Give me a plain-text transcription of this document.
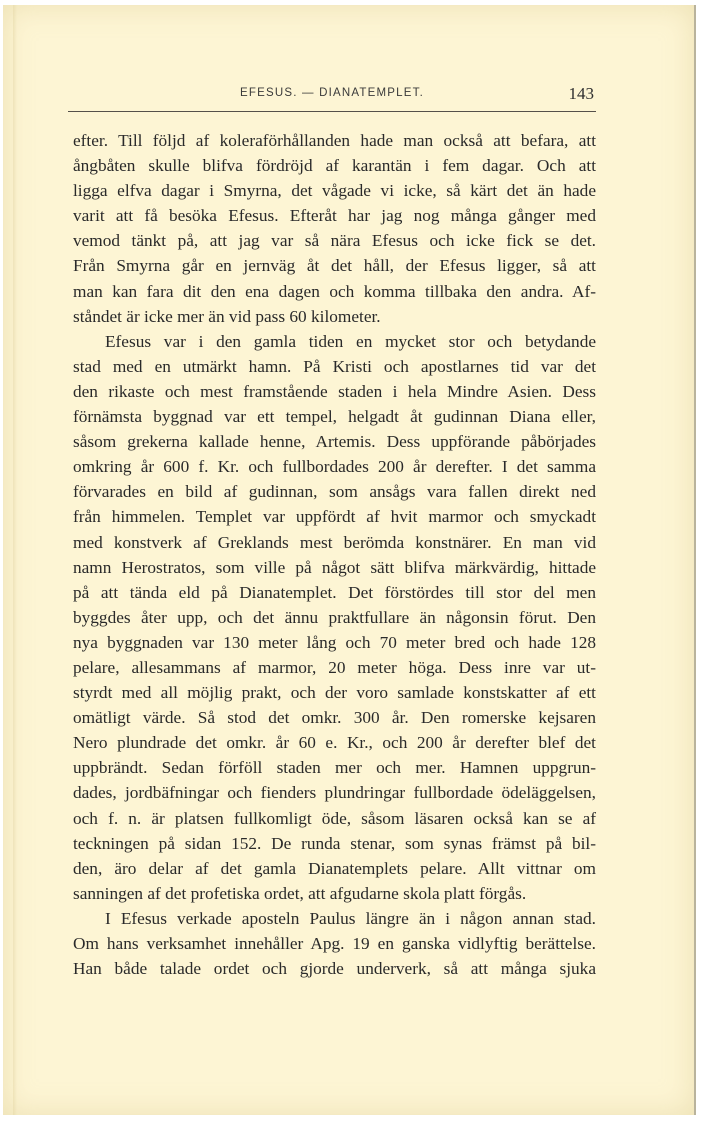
EFESUS. — DIANATEMPLET.	143
efter. Till följd af koleraförhållanden hade man också att befara, att
ångbåten skulle blifva fördröjd af karantän i fem dagar. Och att
ligga elfva dagar i Smyrna, det vågade vi icke, så kärt det än hade
varit att få besöka Efesus. Efteråt har jag nog många gånger med
vemod tänkt på, att jag var så nära Efesus och icke fick se det.
Från Smyrna går en jernväg åt det håll, der Efesus ligger, så att
man kan fara dit den ena dagen och komma tillbaka den andra. Af-
ståndet är icke mer än vid pass 60 kilometer.
Efesus var i den gamla tiden en mycket stor och betydande
stad med en utmärkt hamn. På Kristi och apostlarnes tid var det
den rikaste och mest framstående staden i hela Mindre Asien. Dess
förnämsta byggnad var ett tempel, helgadt åt gudinnan Diana eller,
såsom grekerna kallade henne, Artemis. Dess uppförande påbörjades
omkring år 600 f. Kr. och fullbordades 200 år derefter. I det samma
förvarades en bild af gudinnan, som ansågs vara fallen direkt ned
från himmelen. Templet var uppfördt af hvit marmor och smyckadt
med konstverk af Greklands mest berömda konstnärer. En man vid
namn Herostratos, som ville på något sätt blifva märkvärdig, hittade
på att tända eld på Dianatemplet. Det förstördes till stor del men
byggdes åter upp, och det ännu praktfullare än någonsin förut. Den
nya byggnaden var 130 meter lång och 70 meter bred och hade 128
pelare, allesammans af marmor, 20 meter höga. Dess inre var ut-
styrdt med all möjlig prakt, och der voro samlade konstskatter af ett
omätligt värde. Så stod det omkr. 300 år. Den romerske kejsaren
Nero plundrade det omkr. år 60 e. Kr., och 200 år derefter blef det
uppbrändt. Sedan förföll staden mer och mer. Hamnen uppgrun-
dades, jordbäfningar och fienders plundringar fullbordade ödeläggelsen,
och f. n. är platsen fullkomligt öde, såsom läsaren också kan se af
teckningen på sidan 152. De runda stenar, som synas främst på bil-
den, äro delar af det gamla Dianatemplets pelare. Allt vittnar om
sanningen af det profetiska ordet, att afgudarne skola platt förgås.
I Efesus verkade aposteln Paulus längre än i någon annan stad.
Om hans verksamhet innehåller Apg. 19 en ganska vidlyftig berättelse.
Han både talade ordet och gjorde underverk, så att många sjuka
